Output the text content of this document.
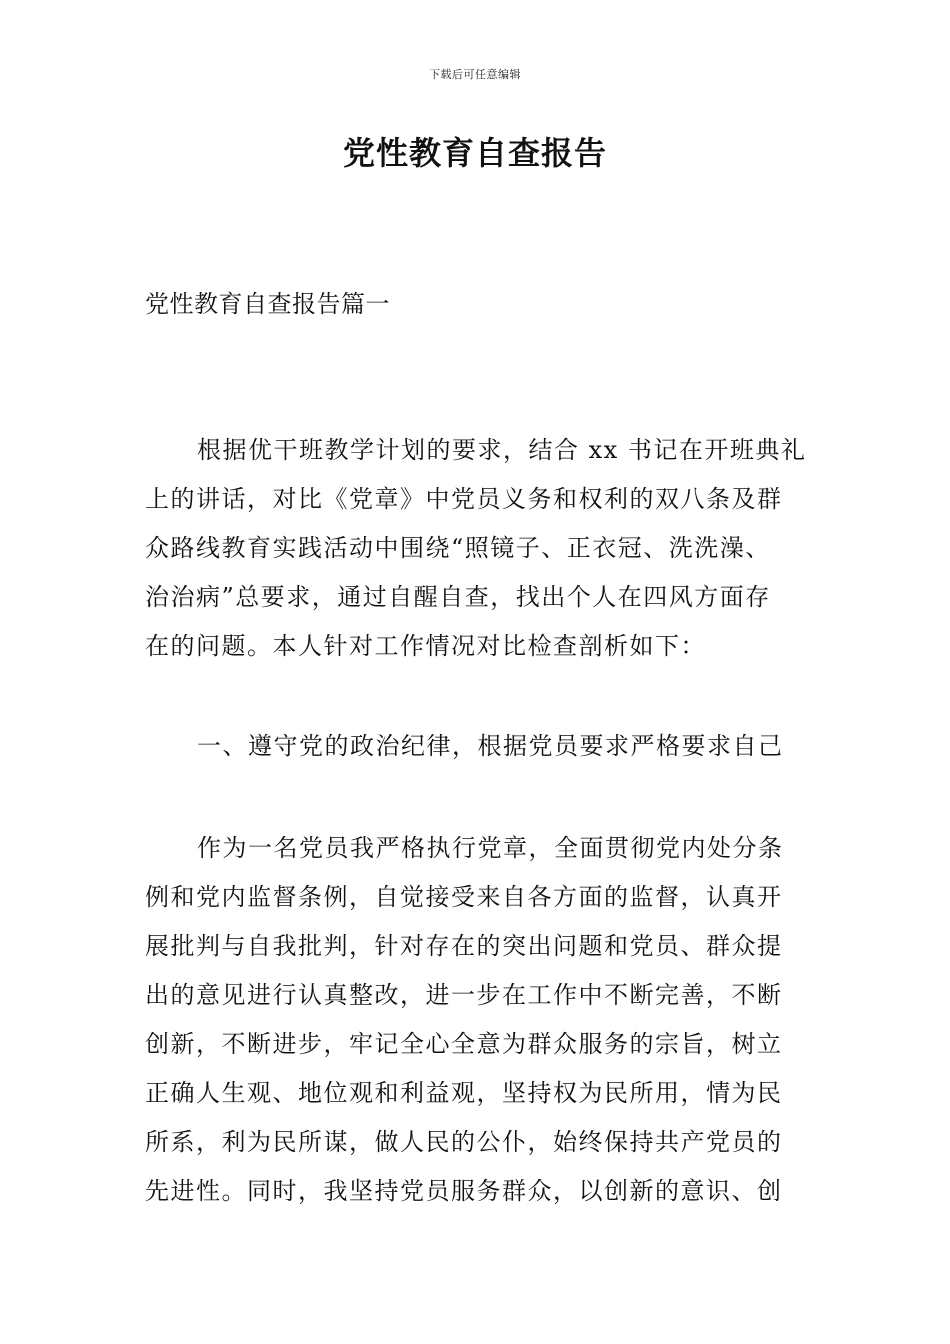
下载后可任意编辑
党性教育自查报告
党性教育自查报告篇一
根据优干班教学计划的要求，结合 xx 书记在开班典礼
上的讲话，对比《党章》中党员义务和权利的双八条及群
众路线教育实践活动中围绕“照镜子、正衣冠、洗洗澡、
治治病”总要求，通过自醒自查，找出个人在四风方面存
在的问题。本人针对工作情况对比检查剖析如下：
一、遵守党的政治纪律，根据党员要求严格要求自己
作为一名党员我严格执行党章，全面贯彻党内处分条
例和党内监督条例，自觉接受来自各方面的监督，认真开
展批判与自我批判，针对存在的突出问题和党员、群众提
出的意见进行认真整改，进一步在工作中不断完善，不断
创新，不断进步，牢记全心全意为群众服务的宗旨，树立
正确人生观、地位观和利益观，坚持权为民所用，情为民
所系，利为民所谋，做人民的公仆，始终保持共产党员的
先进性。同时，我坚持党员服务群众，以创新的意识、创
